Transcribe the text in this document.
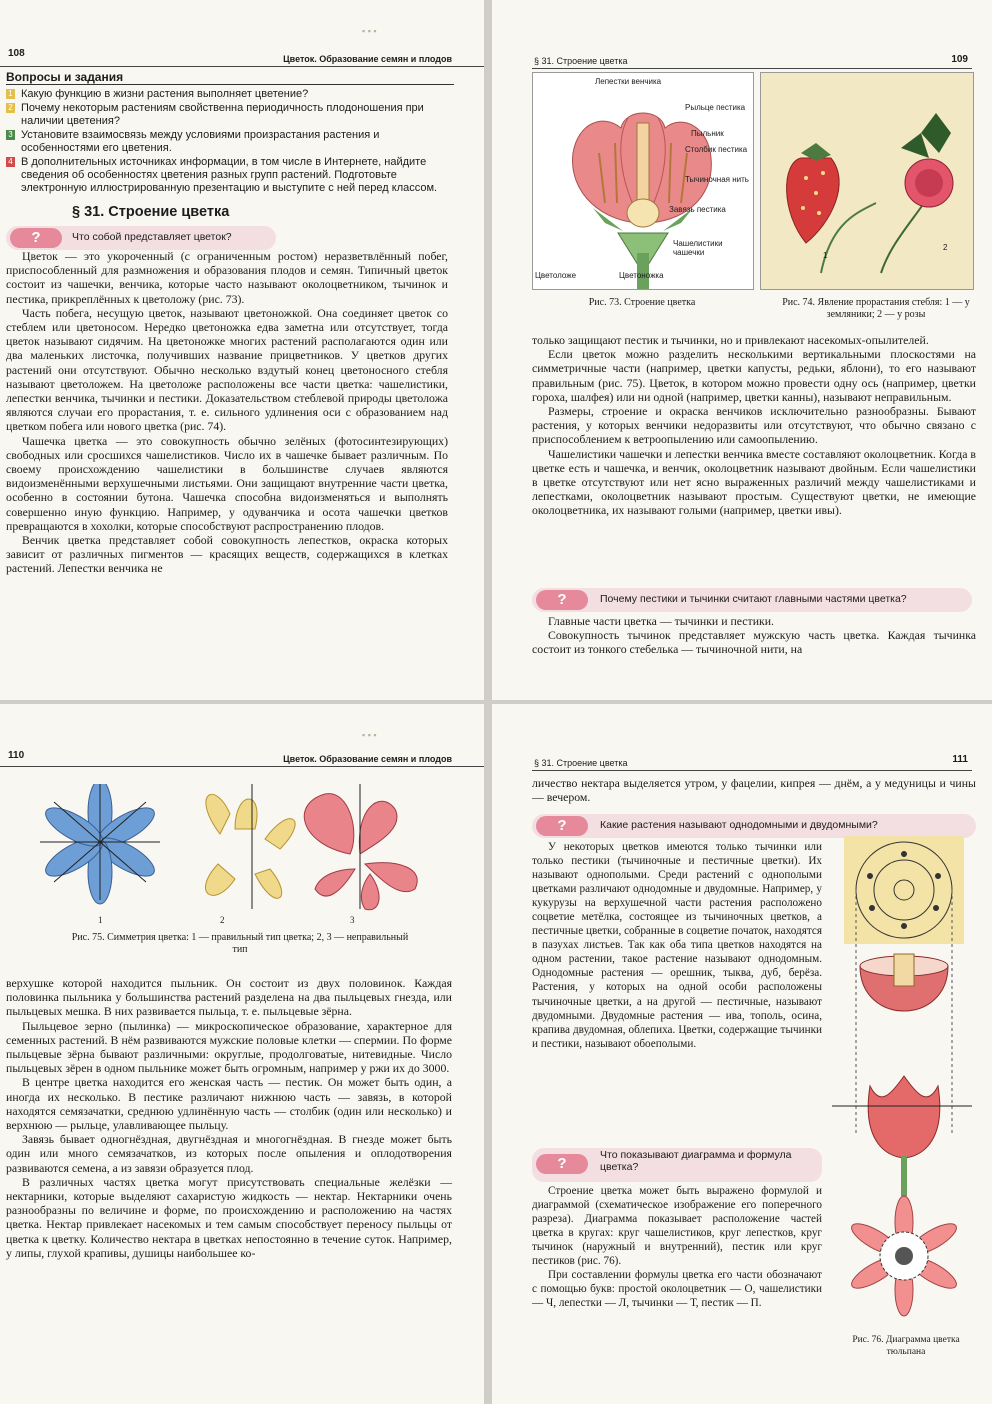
108	Цветок. Образование семян и плодов
▪ ▪ ▪
Вопросы и задания
1 Какую функцию в жизни растения выполняет цветение?
2 Почему некоторым растениям свойственна периодичность плодоношения при наличии цветения?
3 Установите взаимосвязь между условиями произрастания растения и особенностями его цветения.
4 В дополнительных источниках информации, в том числе в Интернете, найдите сведения об особенностях цветения разных групп растений. Подготовьте электронную иллюстрированную презентацию и выступите с ней перед классом.
§ 31. Строение цветка
?	Что собой представляет цветок?

Цветок — это укороченный (с ограниченным ростом) неразветвлённый побег, приспособленный для размножения и образования плодов и семян. Типичный цветок состоит из чашечки, венчика, которые часто называют околоцветником, тычинок и пестика, прикреплённых к цветоложу (рис. 73).

Часть побега, несущую цветок, называют цветоножкой. Она соединяет цветок со стеблем или цветоносом. Нередко цветоножка едва заметна или отсутствует, тогда цветок называют сидячим. На цветоножке многих растений располагаются один или два маленьких листочка, получивших название прицветников. У цветков других растений они отсутствуют. Обычно несколько вздутый конец цветоносного стебля называют цветоложем. На цветоложе расположены все части цветка: чашелистики, лепестки венчика, тычинки и пестики. Доказательством стеблевой природы цветоложа являются случаи его прорастания, т. е. сильного удлинения оси с образованием над цветком побега или нового цветка (рис. 74).

Чашечка цветка — это совокупность обычно зелёных (фотосинтезирующих) свободных или сросшихся чашелистиков. Число их в чашечке бывает различным. По своему происхождению чашелистики в большинстве случаев являются видоизменёнными верхушечными листьями. Они защищают внутренние части цветка, особенно в состоянии бутона. Чашечка способна видоизменяться и выполнять совершенно иную функцию. Например, у одуванчика и осота чашечки цветков превращаются в хохолки, которые способствуют распространению плодов.

Венчик цветка представляет собой совокупность лепестков, окраска которых зависит от различных пигментов — красящих веществ, содержащихся в клетках растений. Лепестки венчика не

§ 31. Строение цветка	109
Лепестки венчика
Рыльце пестика
Пыльник
Столбик пестика
Тычиночная нить
Завязь пестика
Чашелистики чашечки
Цветоложе	Цветоножка
Рис. 73. Строение цветка
1
2
Рис. 74. Явление прорастания стебля: 1 — у земляники; 2 — у розы

только защищают пестик и тычинки, но и привлекают насекомых-опылителей.

Если цветок можно разделить несколькими вертикальными плоскостями на симметричные части (например, цветки капусты, редьки, яблони), то его называют правильным (рис. 75). Цветок, в котором можно провести одну ось (например, цветки гороха, шалфея) или ни одной (например, цветки канны), называют неправильным.

Размеры, строение и окраска венчиков исключительно разнообразны. Бывают растения, у которых венчики недоразвиты или отсутствуют, что обычно связано с приспособлением к ветроопылению или самоопылению.

Чашелистики чашечки и лепестки венчика вместе составляют околоцветник. Когда в цветке есть и чашечка, и венчик, околоцветник называют двойным. Если чашелистики в цветке отсутствуют или нет ясно выраженных различий между чашелистиками и лепестками, околоцветник называют простым. Существуют цветки, не имеющие околоцветника, их называют голыми (например, цветки ивы).

?	Почему пестики и тычинки считают главными частями цветка?

Главные части цветка — тычинки и пестики.

Совокупность тычинок представляет мужскую часть цветка. Каждая тычинка состоит из тонкого стебелька — тычиночной нити, на

110	Цветок. Образование семян и плодов
▪ ▪ ▪
1	2	3
Рис. 75. Симметрия цветка: 1 — правильный тип цветка; 2, 3 — неправильный тип

верхушке которой находится пыльник. Он состоит из двух половинок. Каждая половинка пыльника у большинства растений разделена на два пыльцевых гнезда, или пыльцевых мешка. В них развивается пыльца, т. е. пыльцевые зёрна.

Пыльцевое зерно (пылинка) — микроскопическое образование, характерное для семенных растений. В нём развиваются мужские половые клетки — спермии. По форме пыльцевые зёрна бывают различными: округлые, продолговатые, нитевидные. Число пыльцевых зёрен в одном пыльнике может быть огромным, например у ржи их до 3000.

В центре цветка находится его женская часть — пестик. Он может быть один, а иногда их несколько. В пестике различают нижнюю часть — завязь, в которой находятся семязачатки, среднюю удлинённую часть — столбик (один или несколько) и верхнюю — рыльце, улавливающее пыльцу.

Завязь бывает одногнёздная, двугнёздная и многогнёздная. В гнезде может быть один или много семязачатков, из которых после опыления и оплодотворения развиваются семена, а из завязи образуется плод.

В различных частях цветка могут присутствовать специальные желёзки — нектарники, которые выделяют сахаристую жидкость — нектар. Нектарники очень разнообразны по величине и форме, по происхождению и расположению на частях цветка. Нектар привлекает насекомых и тем самым способствует переносу пыльцы от цветка к цветку. Количество нектара в цветках непостоянно в течение суток. Например, у липы, глухой крапивы, душицы наибольшее ко-

§ 31. Строение цветка	111

личество нектара выделяется утром, у фацелии, кипрея — днём, а у медуницы и чины — вечером.

?	Какие растения называют однодомными и двудомными?

У некоторых цветков имеются только тычинки или только пестики (тычиночные и пестичные цветки). Их называют однополыми. Среди растений с однополыми цветками различают однодомные и двудомные. Например, у кукурузы на верхушечной части растения расположено соцветие метёлка, состоящее из тычиночных цветков, а пестичные цветки, собранные в соцветие початок, находятся в пазухах листьев. Так как оба типа цветков находятся на одном растении, такое растение называют однодомным. Однодомные растения — орешник, тыква, дуб, берёза. Растения, у которых на одной особи расположены тычиночные цветки, а на другой — пестичные, называют двудомными. Двудомные растения — ива, тополь, осина, крапива двудомная, облепиха. Цветки, содержащие тычинки и пестики, называют обоеполыми.

?	Что показывают диаграмма и формула цветка?

Строение цветка может быть выражено формулой и диаграммой (схематическое изображение его поперечного разреза). Диаграмма показывает расположение частей цветка в кругах: круг чашелистиков, круг лепестков, круг тычинок (наружный и внутренний), пестик или круг пестиков (рис. 76).

При составлении формулы цветка его части обозначают с помощью букв: простой околоцветник — О, чашелистики — Ч, лепестки — Л, тычинки — Т, пестик — П.

Рис. 76. Диаграмма цветка тюльпана
